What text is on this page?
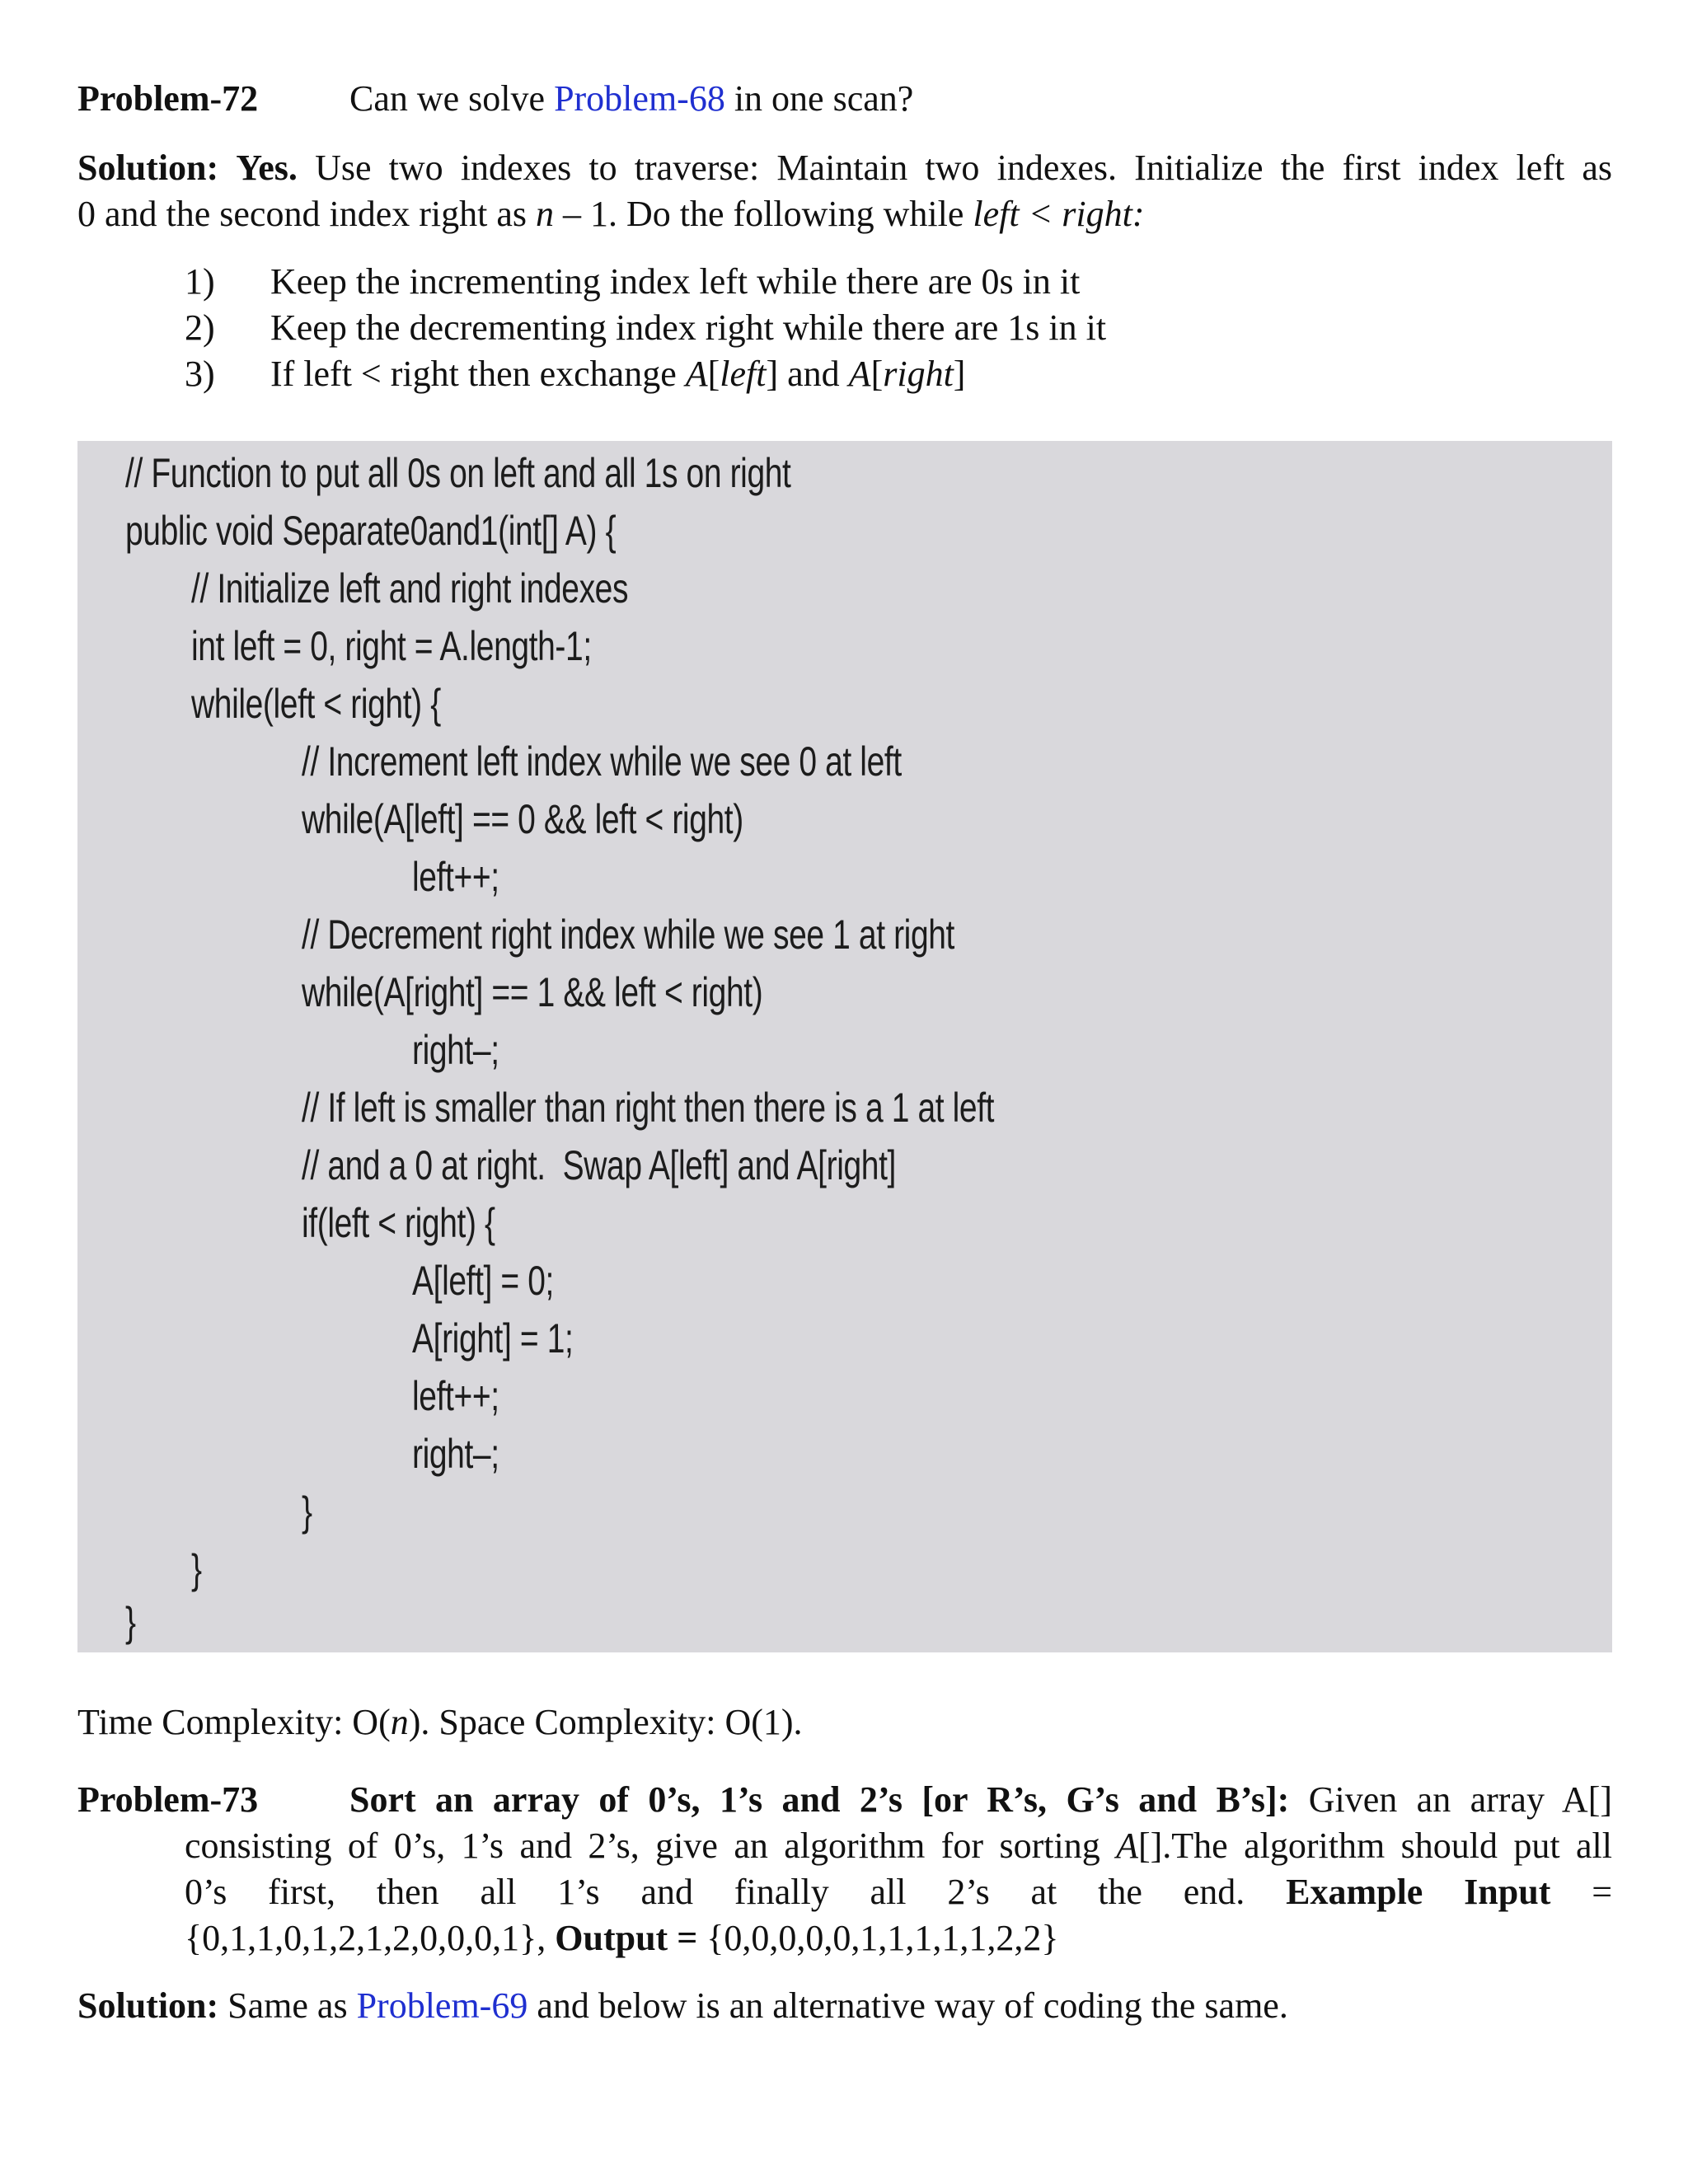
Problem-72	Can we solve Problem-68 in one scan?
Solution: Yes. Use two indexes to traverse: Maintain two indexes. Initialize the first index left as
0 and the second index right as n – 1. Do the following while left < right:
1) Keep the incrementing index left while there are 0s in it
2) Keep the decrementing index right while there are 1s in it
3) If left < right then exchange A[left] and A[right]
// Function to put all 0s on left and all 1s on right
public void Separate0and1(int[] A) {
// Initialize left and right indexes
int left = 0, right = A.length-1;
while(left < right) {
// Increment left index while we see 0 at left
while(A[left] == 0 && left < right)
left++;
// Decrement right index while we see 1 at right
while(A[right] == 1 && left < right)
right–;
// If left is smaller than right then there is a 1 at left
// and a 0 at right.  Swap A[left] and A[right]
if(left < right) {
A[left] = 0;
A[right] = 1;
left++;
right–;
}
}
}
Time Complexity: O(n). Space Complexity: O(1).
Problem-73	Sort an array of 0’s, 1’s and 2’s [or R’s, G’s and B’s]: Given an array A[]
consisting of 0’s, 1’s and 2’s, give an algorithm for sorting A[].The algorithm should put all
0’s first, then all 1’s and finally all 2’s at the end. Example Input =
{0,1,1,0,1,2,1,2,0,0,0,1}, Output = {0,0,0,0,0,1,1,1,1,1,2,2}
Solution: Same as Problem-69 and below is an alternative way of coding the same.
